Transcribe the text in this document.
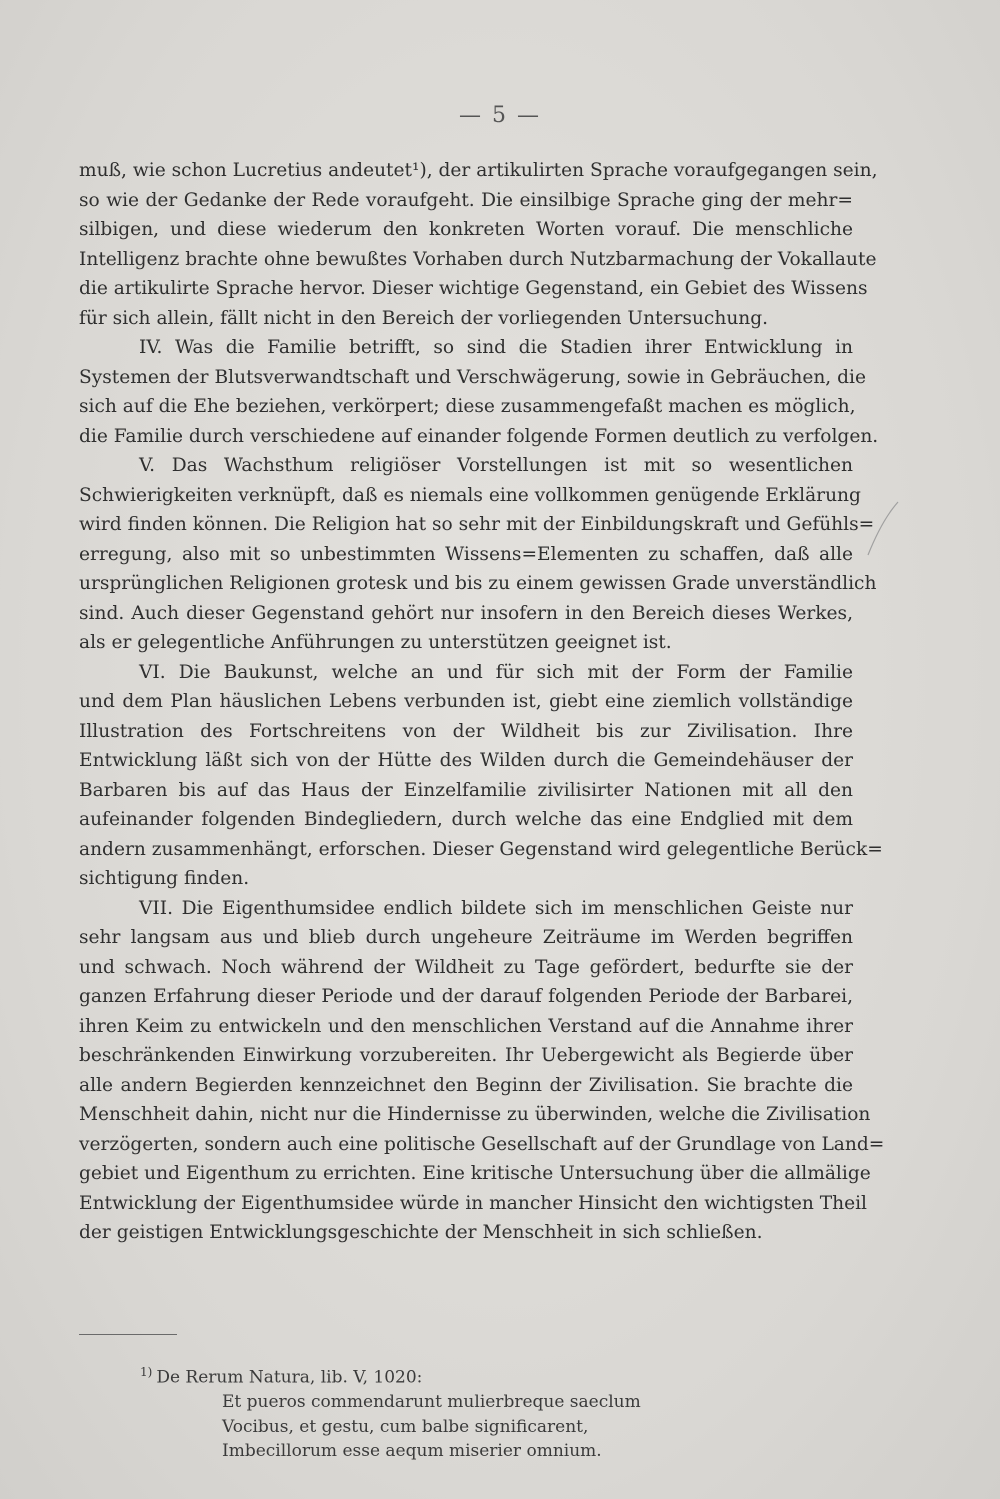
— 5 —
muß, wie schon Lucretius andeutet¹), der artikulirten Sprache voraufgegangen sein,
so wie der Gedanke der Rede voraufgeht. Die einsilbige Sprache ging der mehr=
silbigen, und diese wiederum den konkreten Worten vorauf. Die menschliche
Intelligenz brachte ohne bewußtes Vorhaben durch Nutzbarmachung der Vokallaute
die artikulirte Sprache hervor. Dieser wichtige Gegenstand, ein Gebiet des Wissens
für sich allein, fällt nicht in den Bereich der vorliegenden Untersuchung.
IV. Was die Familie betrifft, so sind die Stadien ihrer Entwicklung in
Systemen der Blutsverwandtschaft und Verschwägerung, sowie in Gebräuchen, die
sich auf die Ehe beziehen, verkörpert; diese zusammengefaßt machen es möglich,
die Familie durch verschiedene auf einander folgende Formen deutlich zu verfolgen.
V. Das Wachsthum religiöser Vorstellungen ist mit so wesentlichen
Schwierigkeiten verknüpft, daß es niemals eine vollkommen genügende Erklärung
wird finden können. Die Religion hat so sehr mit der Einbildungskraft und Gefühls=
erregung, also mit so unbestimmten Wissens=Elementen zu schaffen, daß alle
ursprünglichen Religionen grotesk und bis zu einem gewissen Grade unverständlich
sind. Auch dieser Gegenstand gehört nur insofern in den Bereich dieses Werkes,
als er gelegentliche Anführungen zu unterstützen geeignet ist.
VI. Die Baukunst, welche an und für sich mit der Form der Familie
und dem Plan häuslichen Lebens verbunden ist, giebt eine ziemlich vollständige
Illustration des Fortschreitens von der Wildheit bis zur Zivilisation. Ihre
Entwicklung läßt sich von der Hütte des Wilden durch die Gemeindehäuser der
Barbaren bis auf das Haus der Einzelfamilie zivilisirter Nationen mit all den
aufeinander folgenden Bindegliedern, durch welche das eine Endglied mit dem
andern zusammenhängt, erforschen. Dieser Gegenstand wird gelegentliche Berück=
sichtigung finden.
VII. Die Eigenthumsidee endlich bildete sich im menschlichen Geiste nur
sehr langsam aus und blieb durch ungeheure Zeiträume im Werden begriffen
und schwach. Noch während der Wildheit zu Tage gefördert, bedurfte sie der
ganzen Erfahrung dieser Periode und der darauf folgenden Periode der Barbarei,
ihren Keim zu entwickeln und den menschlichen Verstand auf die Annahme ihrer
beschränkenden Einwirkung vorzubereiten. Ihr Uebergewicht als Begierde über
alle andern Begierden kennzeichnet den Beginn der Zivilisation. Sie brachte die
Menschheit dahin, nicht nur die Hindernisse zu überwinden, welche die Zivilisation
verzögerten, sondern auch eine politische Gesellschaft auf der Grundlage von Land=
gebiet und Eigenthum zu errichten. Eine kritische Untersuchung über die allmälige
Entwicklung der Eigenthumsidee würde in mancher Hinsicht den wichtigsten Theil
der geistigen Entwicklungsgeschichte der Menschheit in sich schließen.
$^{1)}$ De Rerum Natura, lib. V, 1020:
Et pueros commendarunt mulierbreque saeclum
Vocibus, et gestu, cum balbe significarent,
Imbecillorum esse aequm miserier omnium.
